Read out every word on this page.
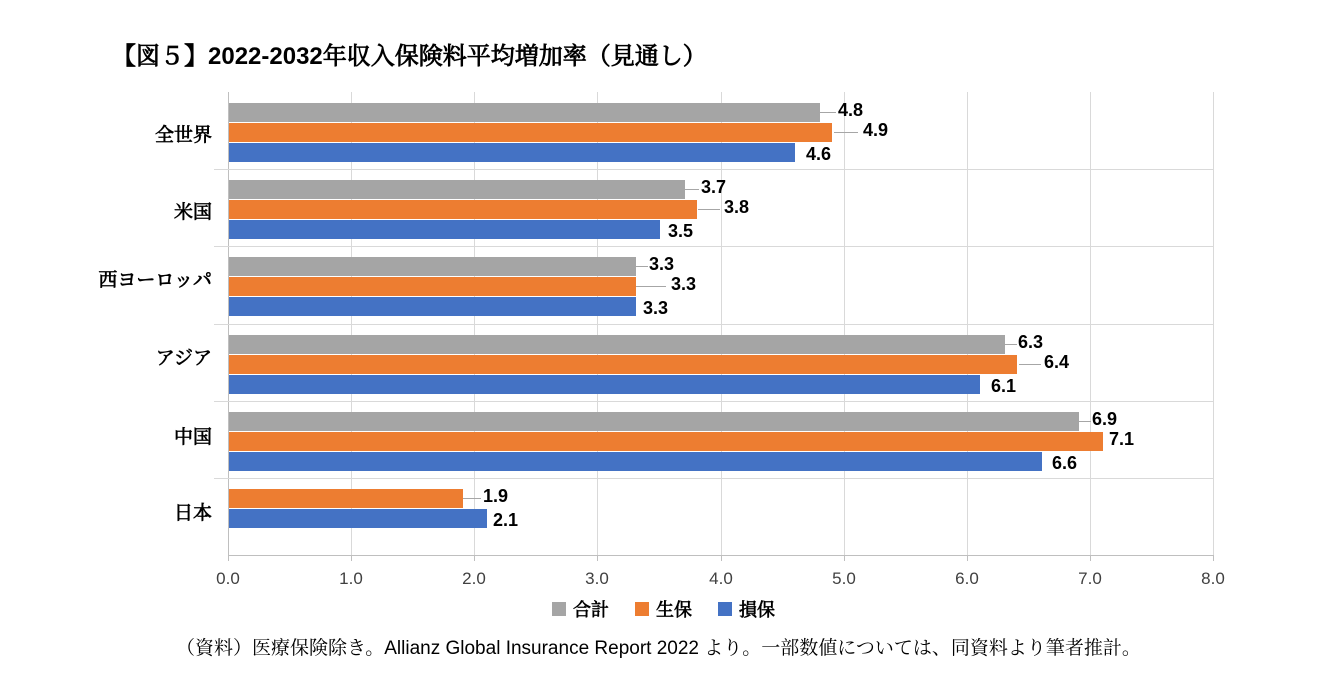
【図５】2022-2032年収入保険料平均増加率（見通し）
0.0	1.0	2.0	3.0	4.0	5.0	6.0	7.0	8.0
4.8
4.9
4.6
3.7
3.8
3.5
3.3
3.3
3.3
6.3
6.4
6.1
6.9
7.1
6.6
1.9
2.1
全世界
米国
西ヨーロッパ
アジア
中国
日本
合計	生保	損保
（資料）医療保険除き。Allianz Global Insurance Report 2022 より。一部数値については、同資料より筆者推計。
